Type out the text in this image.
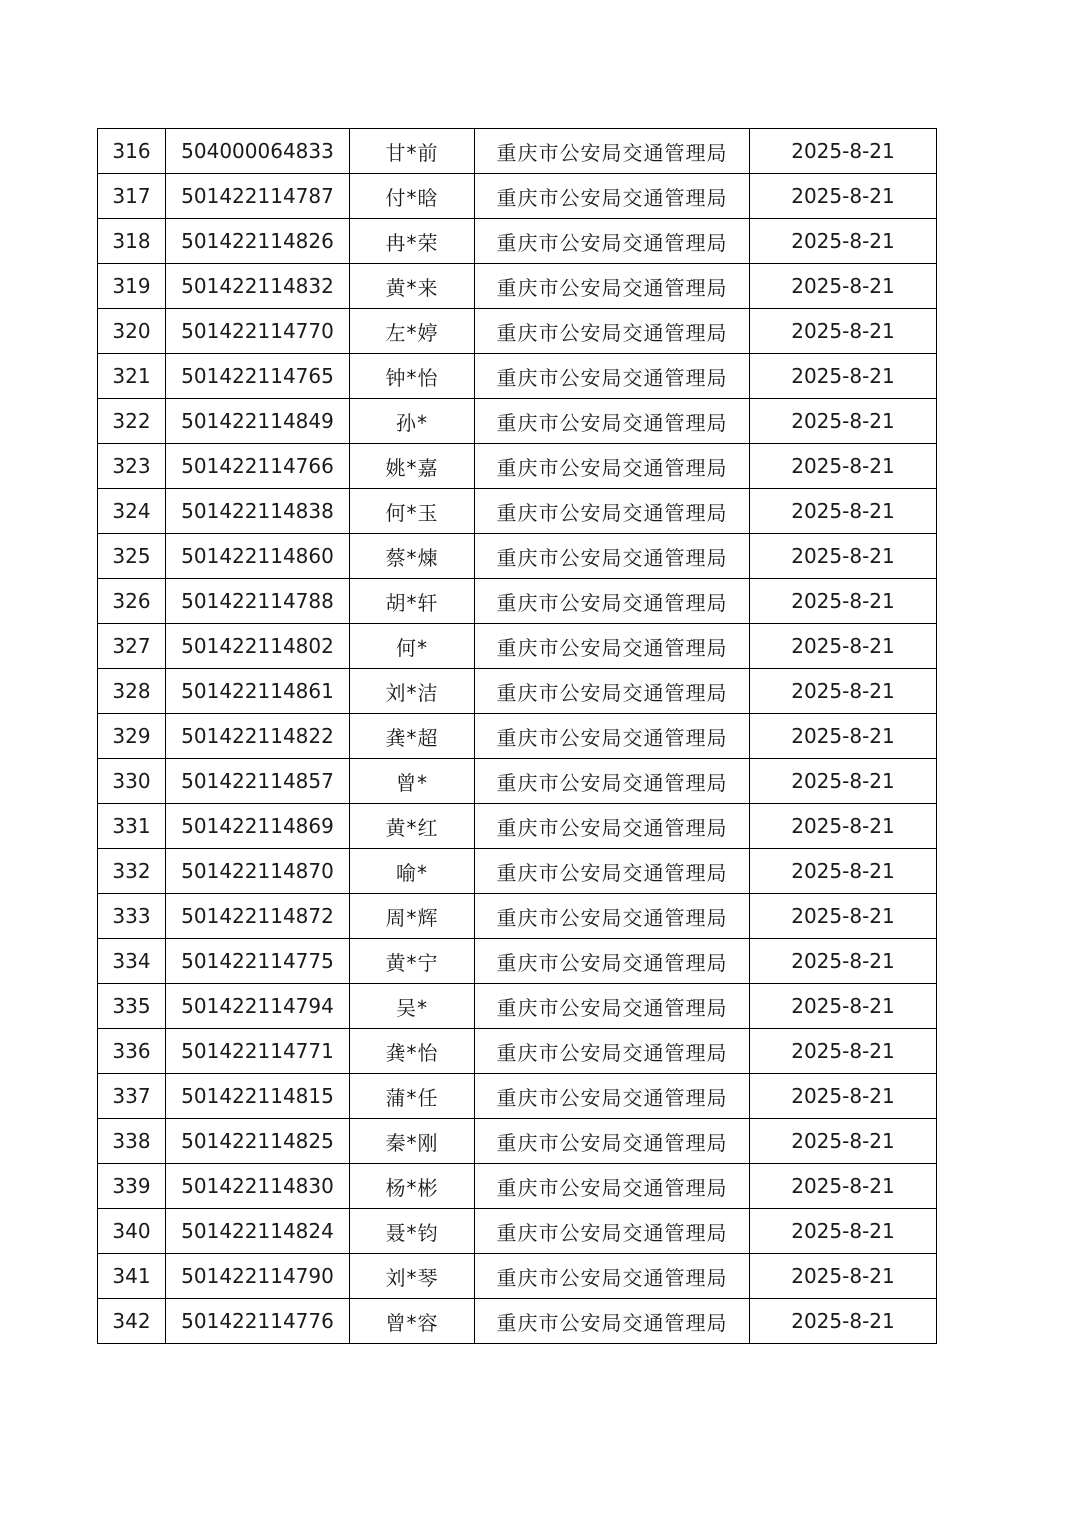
316	504000064833	甘*前	重庆市公安局交通管理局	2025-8-21
317	501422114787	付*晗	重庆市公安局交通管理局	2025-8-21
318	501422114826	冉*荣	重庆市公安局交通管理局	2025-8-21
319	501422114832	黄*来	重庆市公安局交通管理局	2025-8-21
320	501422114770	左*婷	重庆市公安局交通管理局	2025-8-21
321	501422114765	钟*怡	重庆市公安局交通管理局	2025-8-21
322	501422114849	孙*	重庆市公安局交通管理局	2025-8-21
323	501422114766	姚*嘉	重庆市公安局交通管理局	2025-8-21
324	501422114838	何*玉	重庆市公安局交通管理局	2025-8-21
325	501422114860	蔡*煉	重庆市公安局交通管理局	2025-8-21
326	501422114788	胡*轩	重庆市公安局交通管理局	2025-8-21
327	501422114802	何*	重庆市公安局交通管理局	2025-8-21
328	501422114861	刘*洁	重庆市公安局交通管理局	2025-8-21
329	501422114822	龚*超	重庆市公安局交通管理局	2025-8-21
330	501422114857	曾*	重庆市公安局交通管理局	2025-8-21
331	501422114869	黄*红	重庆市公安局交通管理局	2025-8-21
332	501422114870	喻*	重庆市公安局交通管理局	2025-8-21
333	501422114872	周*辉	重庆市公安局交通管理局	2025-8-21
334	501422114775	黄*宁	重庆市公安局交通管理局	2025-8-21
335	501422114794	吴*	重庆市公安局交通管理局	2025-8-21
336	501422114771	龚*怡	重庆市公安局交通管理局	2025-8-21
337	501422114815	蒲*任	重庆市公安局交通管理局	2025-8-21
338	501422114825	秦*刚	重庆市公安局交通管理局	2025-8-21
339	501422114830	杨*彬	重庆市公安局交通管理局	2025-8-21
340	501422114824	聂*钧	重庆市公安局交通管理局	2025-8-21
341	501422114790	刘*琴	重庆市公安局交通管理局	2025-8-21
342	501422114776	曾*容	重庆市公安局交通管理局	2025-8-21
